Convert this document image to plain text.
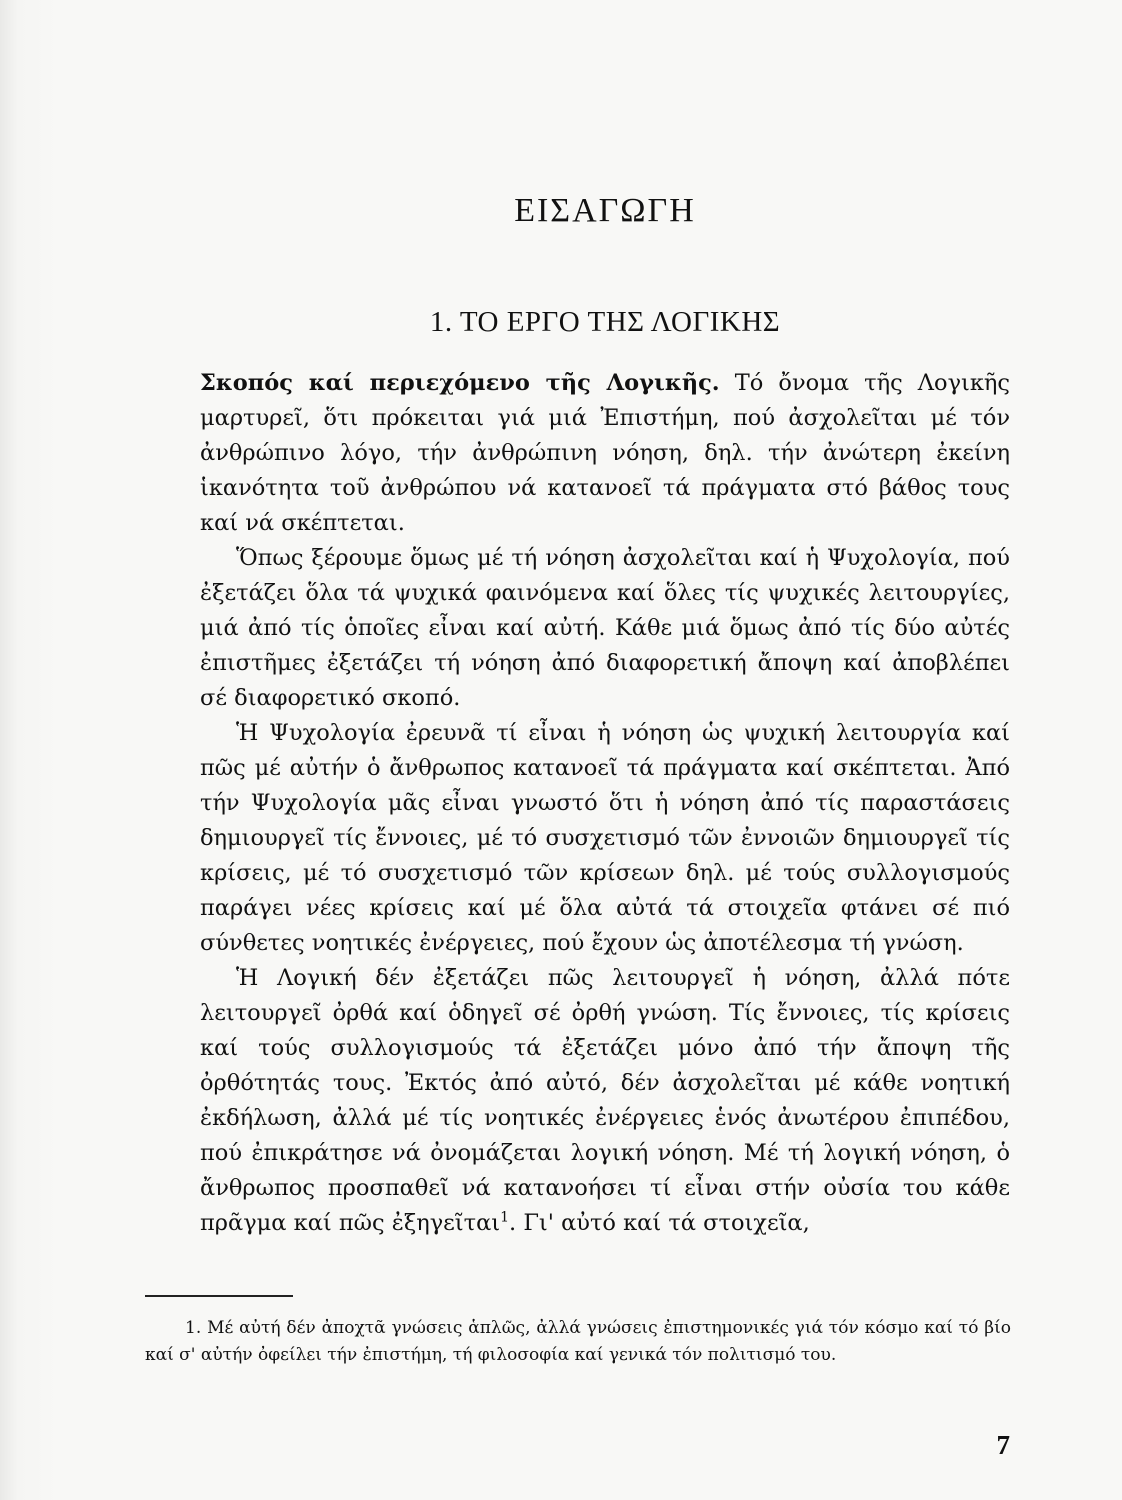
ΕΙΣΑΓΩΓΗ
1. ΤΟ ΕΡΓΟ ΤΗΣ ΛΟΓΙΚΗΣ

Σκοπός καί περιεχόμενο τῆς Λογικῆς. Τό ὄνομα τῆς Λογικῆς μαρτυρεῖ, ὅτι πρόκειται γιά μιά Ἐπιστήμη, πού ἀσχολεῖται μέ τόν ἀνθρώπινο λόγο, τήν ἀνθρώπινη νόηση, δηλ. τήν ἀνώτερη ἐκείνη ἱκανότητα τοῦ ἀνθρώπου νά κατανοεῖ τά πράγματα στό βάθος τους καί νά σκέπτεται.

Ὅπως ξέρουμε ὅμως μέ τή νόηση ἀσχολεῖται καί ἡ Ψυχολογία, πού ἐξετάζει ὅλα τά ψυχικά φαινόμενα καί ὅλες τίς ψυχικές λειτουργίες, μιά ἀπό τίς ὁποῖες εἶναι καί αὐτή. Κάθε μιά ὅμως ἀπό τίς δύο αὐτές ἐπιστῆμες ἐξετάζει τή νόηση ἀπό διαφορετική ἄποψη καί ἀποβλέπει σέ διαφορετικό σκοπό.

Ἡ Ψυχολογία ἐρευνᾶ τί εἶναι ἡ νόηση ὡς ψυχική λειτουργία καί πῶς μέ αὐτήν ὁ ἄνθρωπος κατανοεῖ τά πράγματα καί σκέπτεται. Ἀπό τήν Ψυχολογία μᾶς εἶναι γνωστό ὅτι ἡ νόηση ἀπό τίς παραστάσεις δημιουργεῖ τίς ἔννοιες, μέ τό συσχετισμό τῶν ἐννοιῶν δημιουργεῖ τίς κρίσεις, μέ τό συσχετισμό τῶν κρίσεων δηλ. μέ τούς συλλογισμούς παράγει νέες κρίσεις καί μέ ὅλα αὐτά τά στοιχεῖα φτάνει σέ πιό σύνθετες νοητικές ἐνέργειες, πού ἔχουν ὡς ἀποτέλεσμα τή γνώση.

Ἡ Λογική δέν ἐξετάζει πῶς λειτουργεῖ ἡ νόηση, ἀλλά πότε λειτουργεῖ ὀρθά καί ὁδηγεῖ σέ ὀρθή γνώση. Τίς ἔννοιες, τίς κρίσεις καί τούς συλλογισμούς τά ἐξετάζει μόνο ἀπό τήν ἄποψη τῆς ὀρθότητάς τους. Ἐκτός ἀπό αὐτό, δέν ἀσχολεῖται μέ κάθε νοητική ἐκδήλωση, ἀλλά μέ τίς νοητικές ἐνέργειες ἑνός ἀνωτέρου ἐπιπέδου, πού ἐπικράτησε νά ὀνομάζεται λογική νόηση. Μέ τή λογική νόηση, ὁ ἄνθρωπος προσπαθεῖ νά κατανοήσει τί εἶναι στήν οὐσία του κάθε πρᾶγμα καί πῶς ἐξηγεῖται$^1$. Γι' αὐτό καί τά στοιχεῖα,

1. Μέ αὐτή δέν ἀποχτᾶ γνώσεις ἁπλῶς, ἀλλά γνώσεις ἐπιστημονικές γιά τόν κόσμο καί τό βίο καί σ' αὐτήν ὀφείλει τήν ἐπιστήμη, τή φιλοσοφία καί γενικά τόν πολιτισμό του.

7
